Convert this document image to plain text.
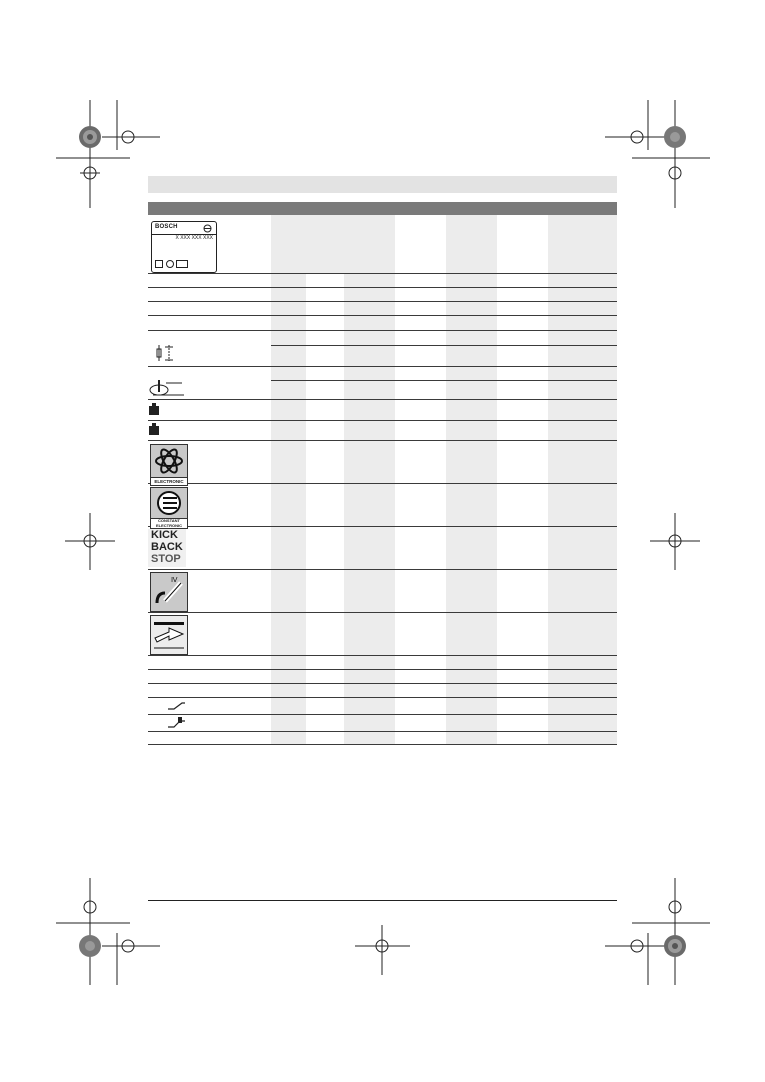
BOSCH
X XXX XXX XXX
ELECTRONIC
CONSTANT
ELECTRONIC
KICK
BACK
STOP
Ⅳ
